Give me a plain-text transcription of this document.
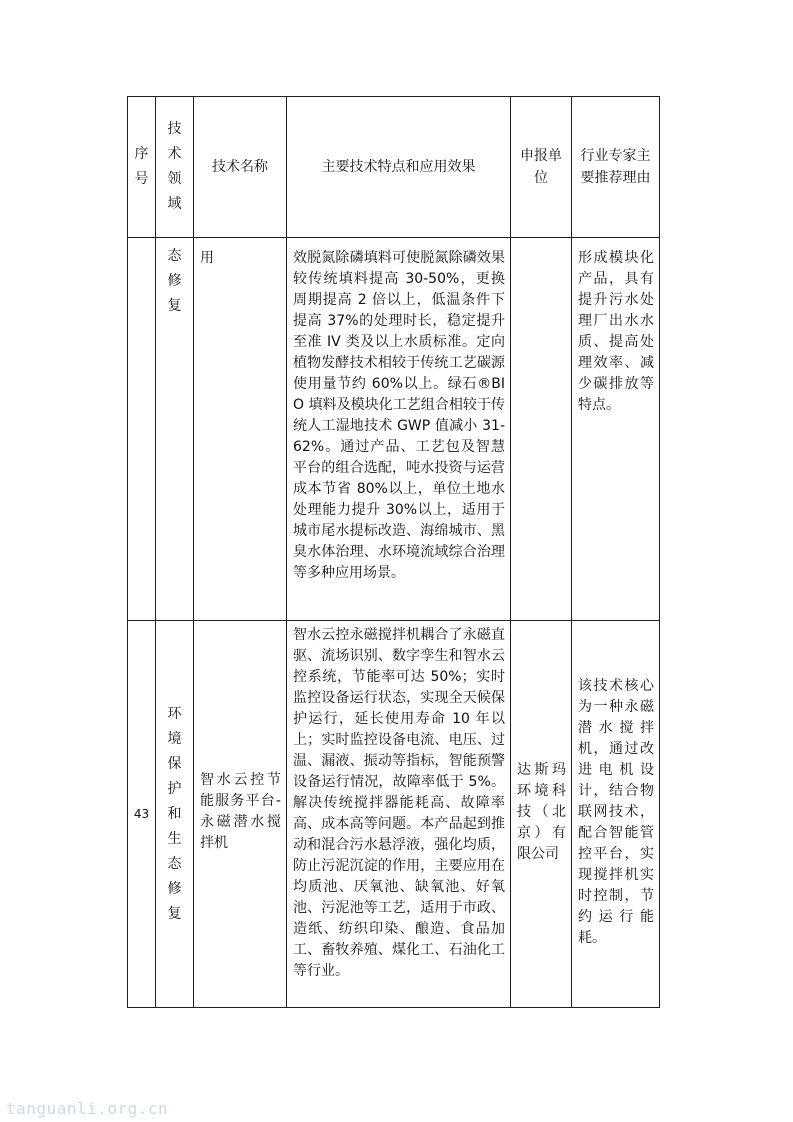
序号	技术领域	技术名称	主要技术特点和应用效果	申报单位	行业专家主要推荐理由

	态修复	用	效脱氮除磷填料可使脱氮除磷效果较传统填料提高 30-50%，更换周期提高 2 倍以上，低温条件下提高 37%的处理时长，稳定提升至准 IV 类及以上水质标准。定向植物发酵技术相较于传统工艺碳源使用量节约 60%以上。绿石®BIO 填料及模块化工艺组合相较于传统人工湿地技术 GWP 值减小 31-62%。通过产品、工艺包及智慧平台的组合选配，吨水投资与运营成本节省 80%以上，单位土地水处理能力提升 30%以上，适用于城市尾水提标改造、海绵城市、黑臭水体治理、水环境流域综合治理等多种应用场景。		形成模块化产品，具有提升污水处理厂出水水质、提高处理效率、减少碳排放等特点。

43	环境保护和生态修复	智水云控节能服务平台-永磁潜水搅拌机	智水云控永磁搅拌机耦合了永磁直驱、流场识别、数字孪生和智水云控系统，节能率可达 50%；实时监控设备运行状态，实现全天候保护运行，延长使用寿命 10 年以上；实时监控设备电流、电压、过温、漏液、振动等指标，智能预警设备运行情况，故障率低于 5%。解决传统搅拌器能耗高、故障率高、成本高等问题。本产品起到推动和混合污水悬浮液，强化均质，防止污泥沉淀的作用，主要应用在均质池、厌氧池、缺氧池、好氧池、污泥池等工艺，适用于市政、造纸、纺织印染、酿造、食品加工、畜牧养殖、煤化工、石油化工等行业。	达斯玛环境科技（北京）有限公司	该技术核心为一种永磁潜水搅拌机，通过改进电机设计，结合物联网技术，配合智能管控平台，实现搅拌机实时控制，节约运行能耗。
tanguanli.org.cn
